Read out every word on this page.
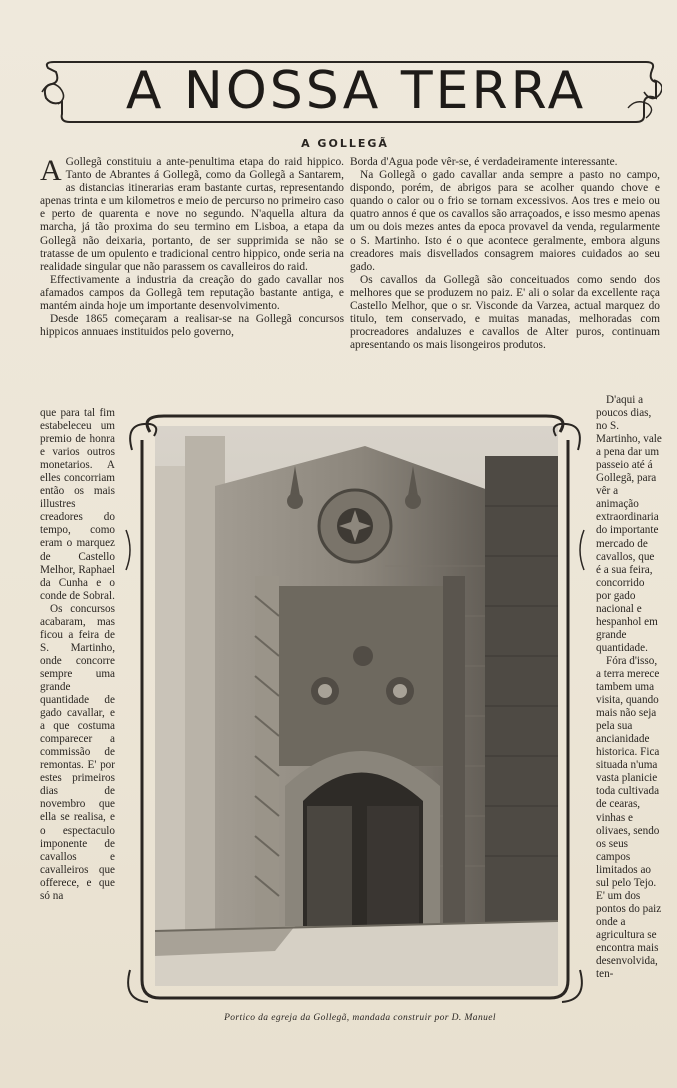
A NOSSA TERRA
A GOLLEGÃ

A Gollegã constituiu a ante-penultima etapa do raid hippico. Tanto de Abrantes á Gollegã, como da Gollegã a Santarem, as distancias itinerarias eram bastante curtas, representando apenas trinta e um kilometros e meio de percurso no primeiro caso e perto de quarenta e nove no segundo. N'aquella altura da marcha, já tão proxima do seu termino em Lisboa, a etapa da Gollegã não deixaria, portanto, de ser supprimida se não se tratasse de um opulento e tradicional centro hippico, onde seria na realidade singular que não parassem os cavalleiros do raid.

Effectivamente a industria da creação do gado cavallar nos afamados campos da Gollegã tem reputação bastante antiga, e mantém ainda hoje um importante desenvolvimento.

Desde 1865 começaram a realisar-se na Gollegã concursos hippicos annuaes instituidos pelo governo,

Borda d'Agua pode vêr-se, é verdadeiramente interessante.

Na Gollegã o gado cavallar anda sempre a pasto no campo, dispondo, porém, de abrigos para se acolher quando chove e quando o calor ou o frio se tornam excessivos. Aos tres e meio ou quatro annos é que os cavallos são arraçoados, e isso mesmo apenas um ou dois mezes antes da epoca provavel da venda, regularmente o S. Martinho. Isto é o que acontece geralmente, embora alguns creadores mais disvellados consagrem maiores cuidados ao seu gado.

Os cavallos da Gollegã são conceituados como sendo dos melhores que se produzem no paiz. E' ali o solar da excellente raça Castello Melhor, que o sr. Visconde da Varzea, actual marquez do titulo, tem conservado, e muitas manadas, melhoradas com procreadores andaluzes e cavallos de Alter puros, continuam apresentando os mais lisongeiros produtos.

que para tal fim estabeleceu um premio de honra e varios outros monetarios. A elles concorriam então os mais illustres creadores do tempo, como eram o marquez de Castello Melhor, Raphael da Cunha e o conde de Sobral.

Os concursos acabaram, mas ficou a feira de S. Martinho, onde concorre sempre uma grande quantidade de gado cavallar, e a que costuma comparecer a commissão de remontas. E' por estes primeiros dias de novembro que ella se realisa, e o espectaculo imponente de cavallos e cavalleiros que offerece, e que só na

D'aqui a poucos dias, no S. Martinho, vale a pena dar um passeio até á Gollegã, para vêr a animação extraordinaria do importante mercado de cavallos, que é a sua feira, concorrido por gado nacional e hespanhol em grande quantidade.

Fóra d'isso, a terra merece tambem uma visita, quando mais não seja pela sua ancianidade historica. Fica situada n'uma vasta planicie toda cultivada de cearas, vinhas e olivaes, sendo os seus campos limitados ao sul pelo Tejo. E' um dos pontos do paiz onde a agricultura se encontra mais desenvolvida, ten-

Portico da egreja da Gollegã, mandada construir por D. Manuel
